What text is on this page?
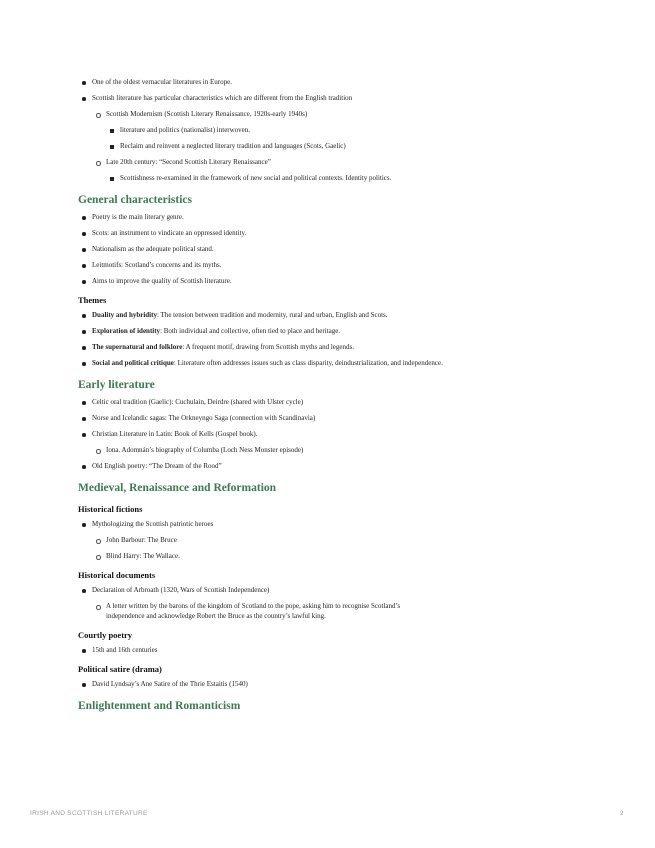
One of the oldest vernacular literatures in Europe.
Scottish literature has particular characteristics which are different from the English tradition
Scottish Modernism (Scottish Literary Renaissance, 1920s-early 1940s)
literature and politics (nationalist) interwoven.
Reclaim and reinvent a neglected literary tradition and languages (Scots, Gaelic)
Late 20th century: “Second Scottish Literary Renaissance”
Scottishness re-examined in the framework of new social and political contexts. Identity politics.
General characteristics
Poetry is the main literary genre.
Scots: an instrument to vindicate an oppressed identity.
Nationalism as the adequate political stand.
Leitmotifs: Scotland’s concerns and its myths.
Aims to improve the quality of Scottish literature.
Themes
Duality and hybridity: The tension between tradition and modernity, rural and urban, English and Scots.
Exploration of identity: Both individual and collective, often tied to place and heritage.
The supernatural and folklore: A frequent motif, drawing from Scottish myths and legends.
Social and political critique: Literature often addresses issues such as class disparity, deindustrialization, and independence.
Early literature
Celtic oral tradition (Gaelic): Cuchulain, Deirdre (shared with Ulster cycle)
Norse and Icelandic sagas: The Orkneyngo Saga (connection with Scandinavia)
Christian Literature in Latin: Book of Kells (Gospel book).
Iona. Adomnán’s biography of Columba (Loch Ness Monster episode)
Old English poetry: “The Dream of the Rood”
Medieval, Renaissance and Reformation
Historical fictions
Mythologizing the Scottish patriotic heroes
John Barbour: The Bruce
Blind Harry: The Wallace.
Historical documents
Declaration of Arbroath (1320, Wars of Scottish Independence)
A letter written by the barons of the kingdom of Scotland to the pope, asking him to recognise Scotland’s independence and acknowledge Robert the Bruce as the country’s lawful king.
Courtly poetry
15th and 16th centuries
Political satire (drama)
David Lyndsay’s Ane Satire of the Thrie Estaitis (1540)
Enlightenment and Romanticism
IRISH AND SCOTTISH LITERATURE	2
